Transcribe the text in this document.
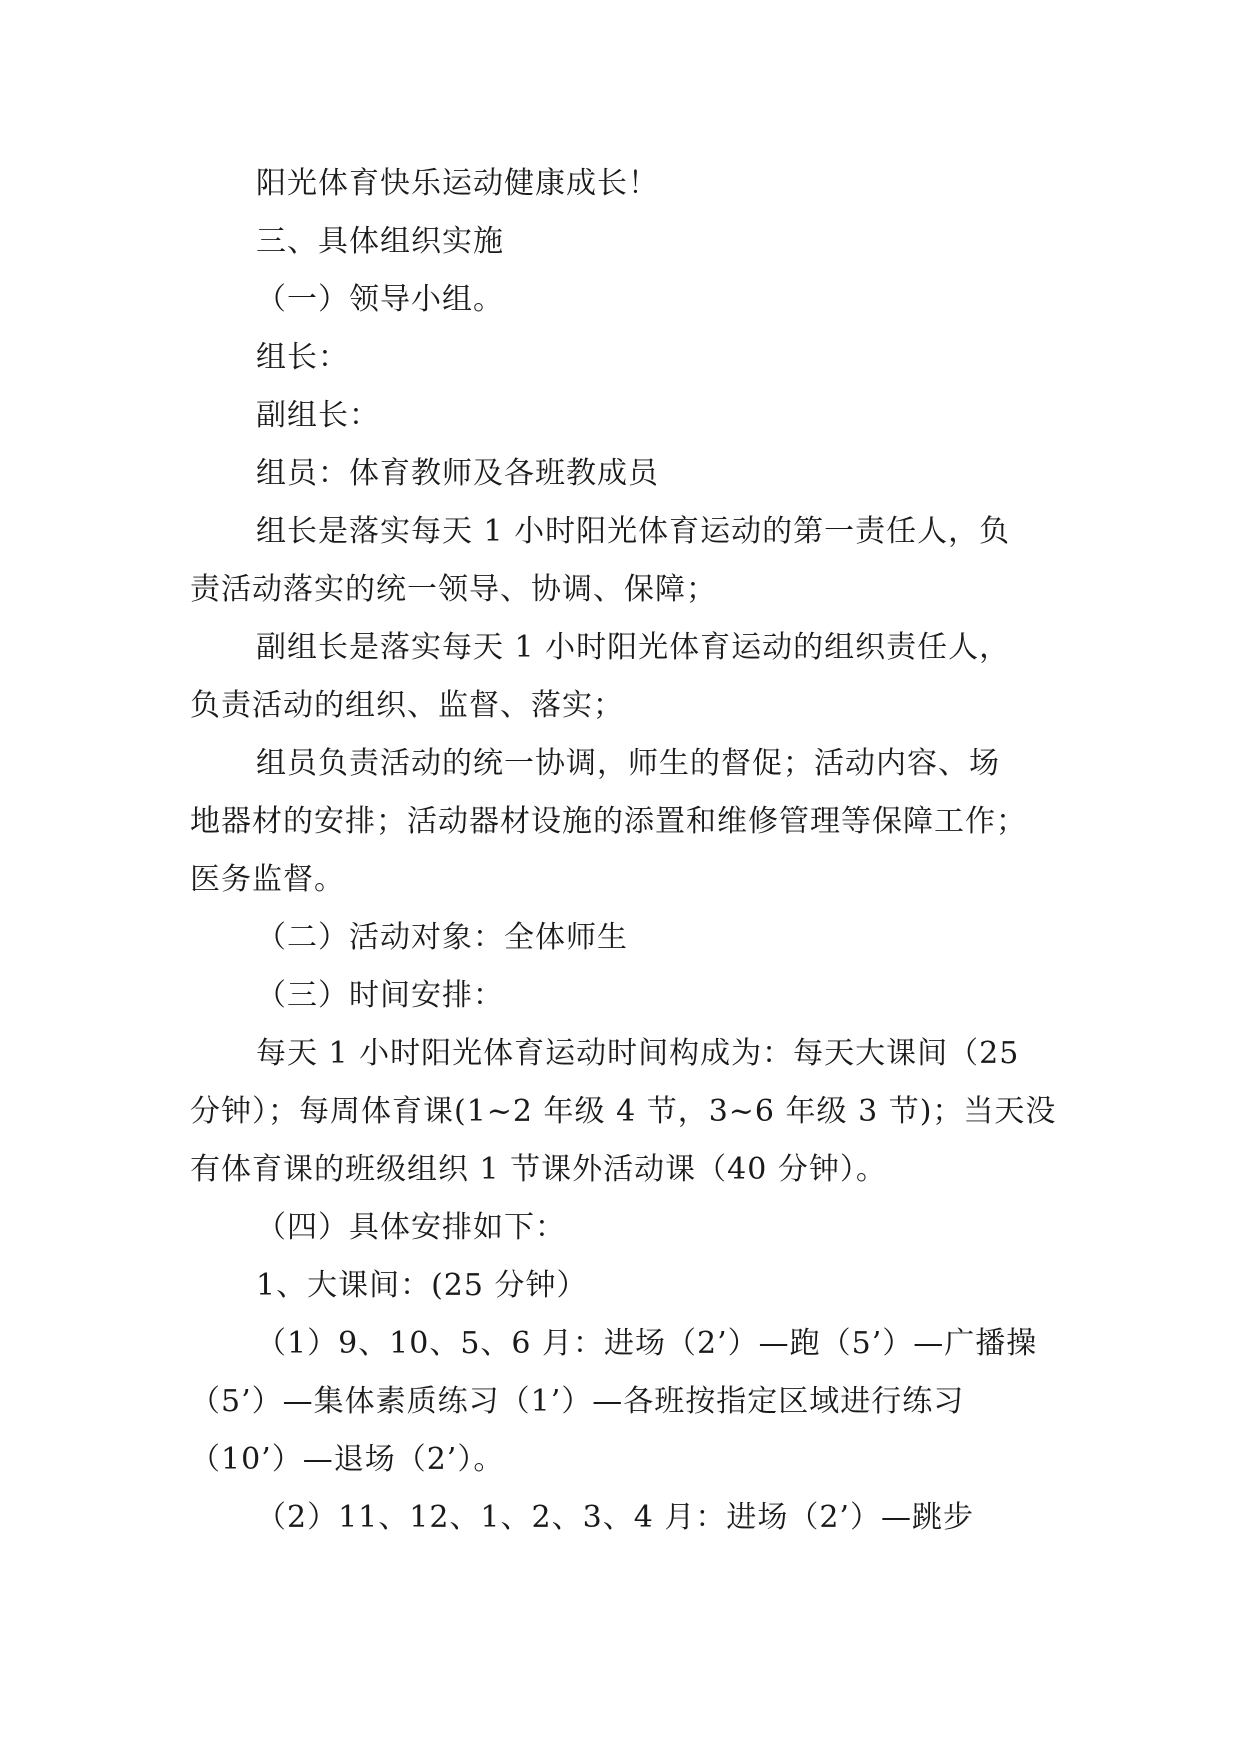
阳光体育快乐运动健康成长！
三、具体组织实施
（一）领导小组。
组长：
副组长：
组员：体育教师及各班教成员
组长是落实每天 1 小时阳光体育运动的第一责任人，负
责活动落实的统一领导、协调、保障；
副组长是落实每天 1 小时阳光体育运动的组织责任人，
负责活动的组织、监督、落实；
组员负责活动的统一协调，师生的督促；活动内容、场
地器材的安排；活动器材设施的添置和维修管理等保障工作；
医务监督。
（二）活动对象：全体师生
（三）时间安排：
每天 1 小时阳光体育运动时间构成为：每天大课间（25
分钟）；每周体育课(1~2 年级 4 节，3~6 年级 3 节)；当天没
有体育课的班级组织 1 节课外活动课（40 分钟）。
（四）具体安排如下：
1、大课间：(25 分钟）
（1）9、10、5、6 月：进场（2’）—跑（5’）—广播操
（5’）—集体素质练习（1’）—各班按指定区域进行练习
（10’）—退场（2’）。
（2）11、12、1、2、3、4 月：进场（2’）—跳步
